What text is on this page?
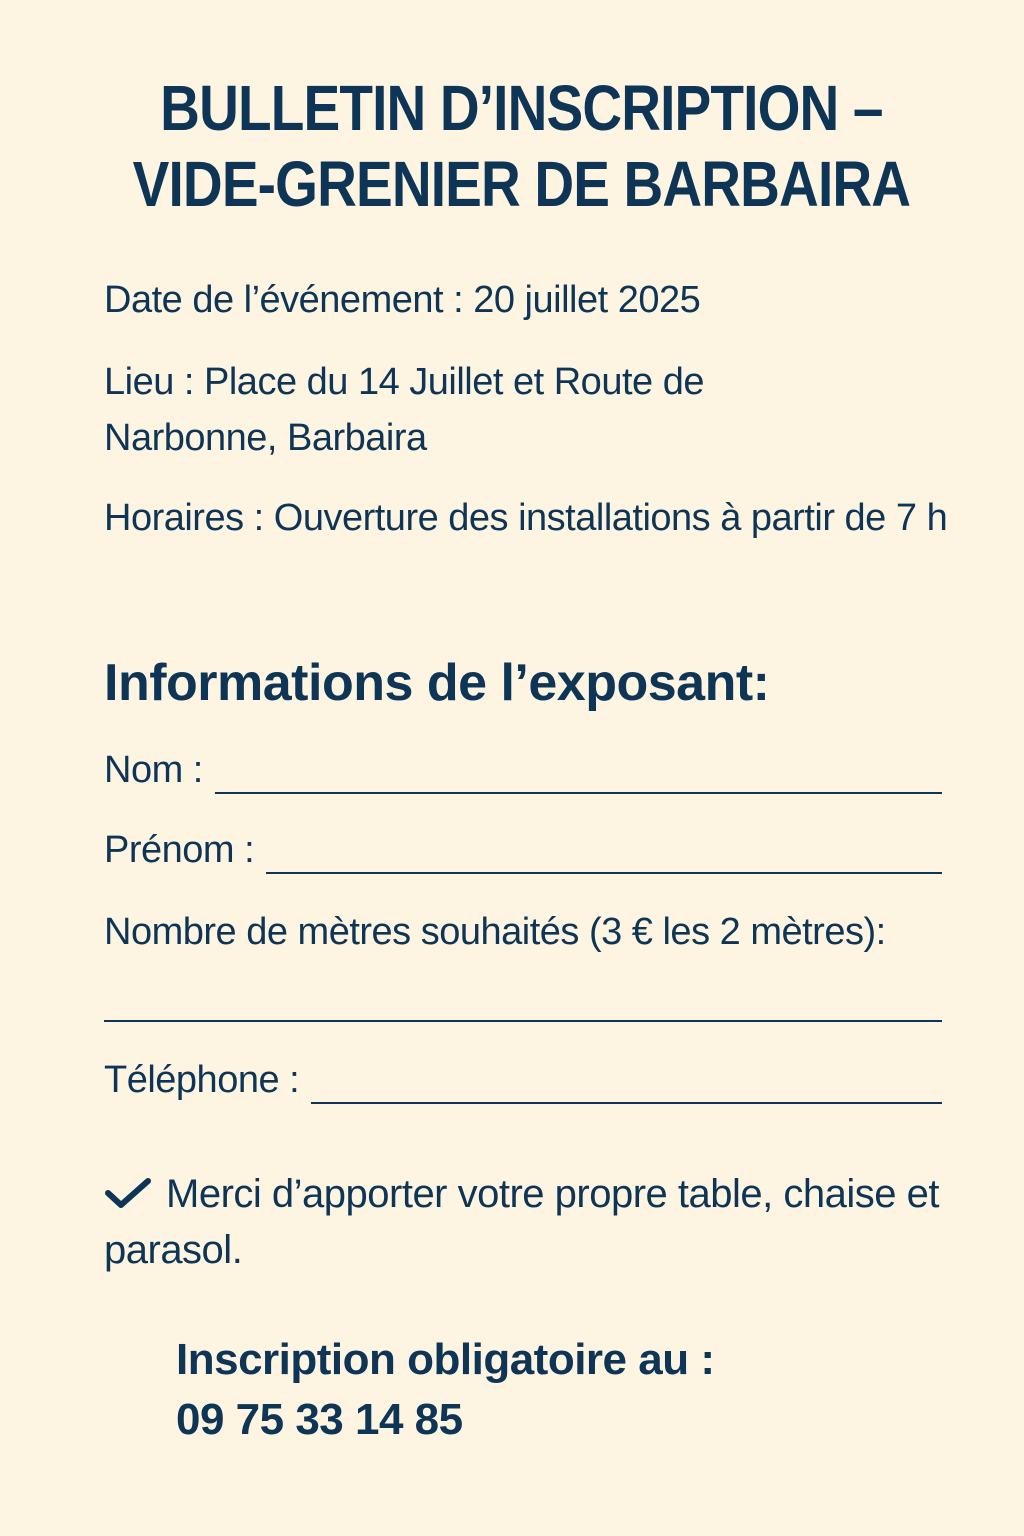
BULLETIN D’INSCRIPTION –
VIDE-GRENIER DE BARBAIRA

Date de l’événement : 20 juillet 2025

Lieu : Place du 14 Juillet et Route de Narbonne, Barbaira

Horaires : Ouverture des installations à partir de 7 h

Informations de l’exposant:
Nom :
Prénom :
Nombre de mètres souhaités (3 € les 2 mètres):
Téléphone :

Merci d’apporter votre propre table, chaise et parasol.

Inscription obligatoire au :
09 75 33 14 85
